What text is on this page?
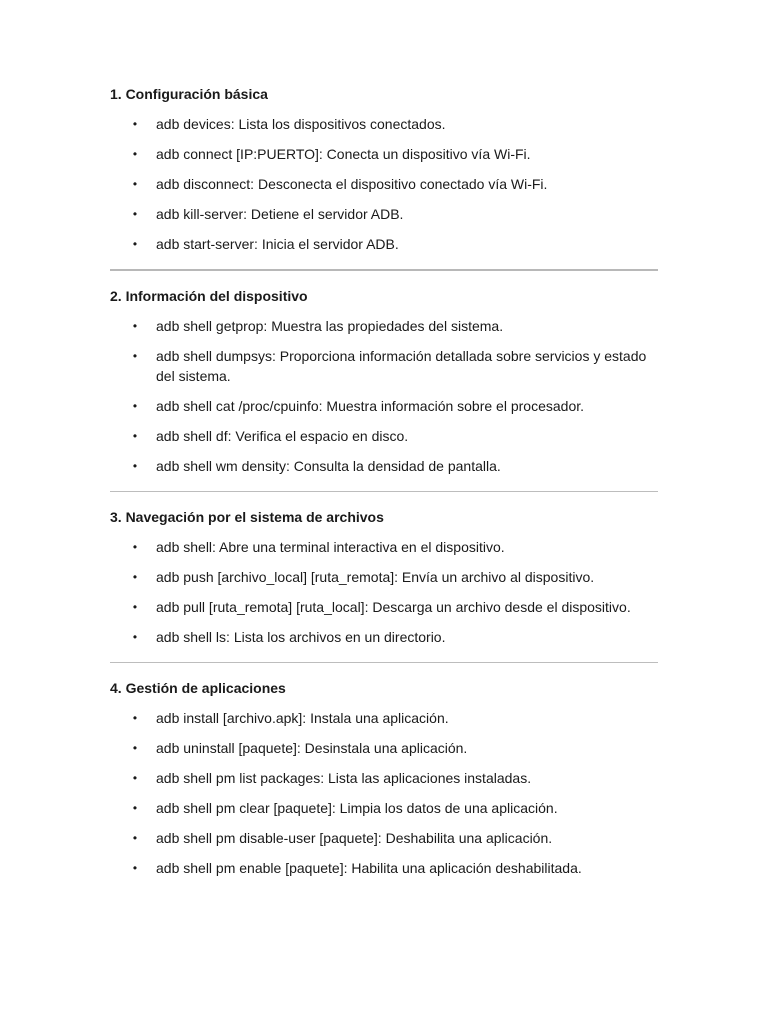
1. Configuración básica
• adb devices: Lista los dispositivos conectados.
• adb connect [IP:PUERTO]: Conecta un dispositivo vía Wi-Fi.
• adb disconnect: Desconecta el dispositivo conectado vía Wi-Fi.
• adb kill-server: Detiene el servidor ADB.
• adb start-server: Inicia el servidor ADB.
2. Información del dispositivo
• adb shell getprop: Muestra las propiedades del sistema.
• adb shell dumpsys: Proporciona información detallada sobre servicios y estado del sistema.
• adb shell cat /proc/cpuinfo: Muestra información sobre el procesador.
• adb shell df: Verifica el espacio en disco.
• adb shell wm density: Consulta la densidad de pantalla.
3. Navegación por el sistema de archivos
• adb shell: Abre una terminal interactiva en el dispositivo.
• adb push [archivo_local] [ruta_remota]: Envía un archivo al dispositivo.
• adb pull [ruta_remota] [ruta_local]: Descarga un archivo desde el dispositivo.
• adb shell ls: Lista los archivos en un directorio.
4. Gestión de aplicaciones
• adb install [archivo.apk]: Instala una aplicación.
• adb uninstall [paquete]: Desinstala una aplicación.
• adb shell pm list packages: Lista las aplicaciones instaladas.
• adb shell pm clear [paquete]: Limpia los datos de una aplicación.
• adb shell pm disable-user [paquete]: Deshabilita una aplicación.
• adb shell pm enable [paquete]: Habilita una aplicación deshabilitada.
